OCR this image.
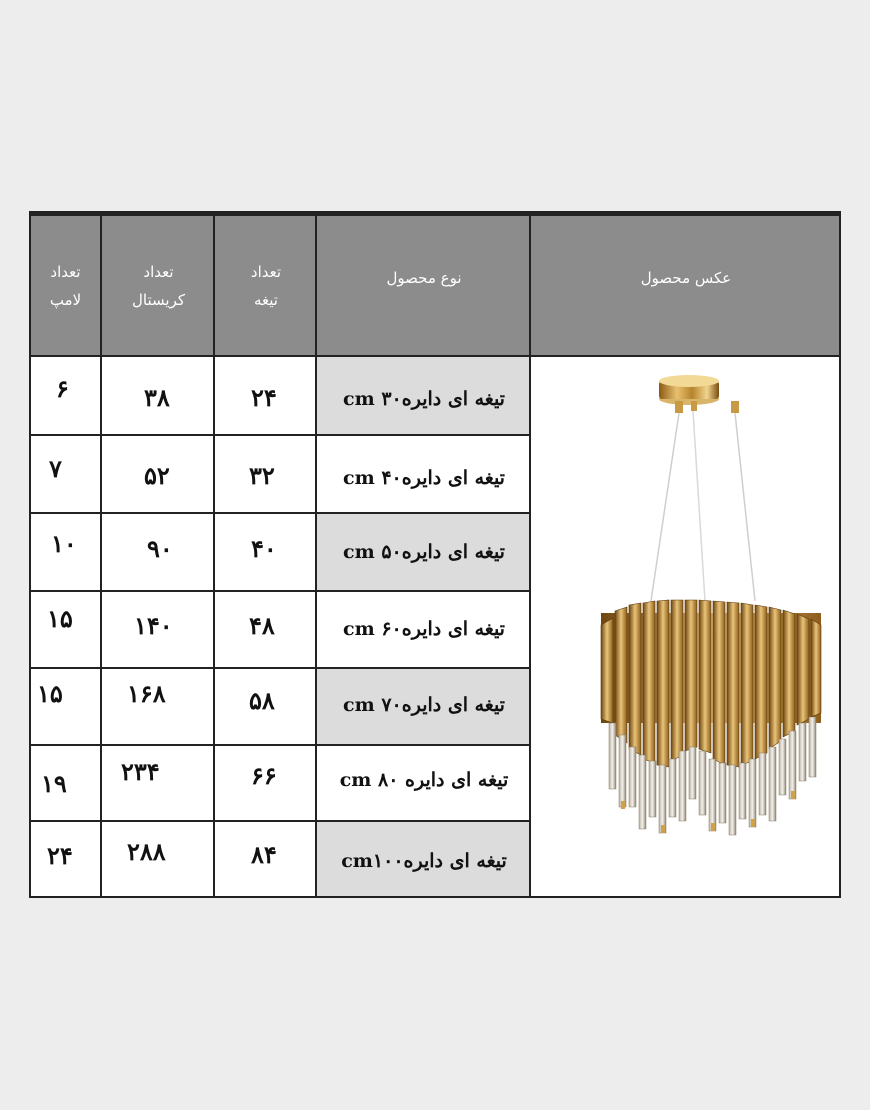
عکس محصول
نوع محصول
تعداد
تیغه
تعداد
کریستال
تعداد
لامپ
تیغه ای دایره۳۰ cm
۲۴
۳۸
۶
تیغه ای دایره۴۰ cm
۳۲
۵۲
۷
تیغه ای دایره۵۰ cm
۴۰
۹۰
۱۰
تیغه ای دایره۶۰ cm
۴۸
۱۴۰
۱۵
تیغه ای دایره۷۰ cm
۵۸
۱۶۸
۱۵
تیغه ای دایره ۸۰ cm
۶۶
۲۳۴
۱۹
تیغه ای دایرهcm۱۰۰
۸۴
۲۸۸
۲۴
